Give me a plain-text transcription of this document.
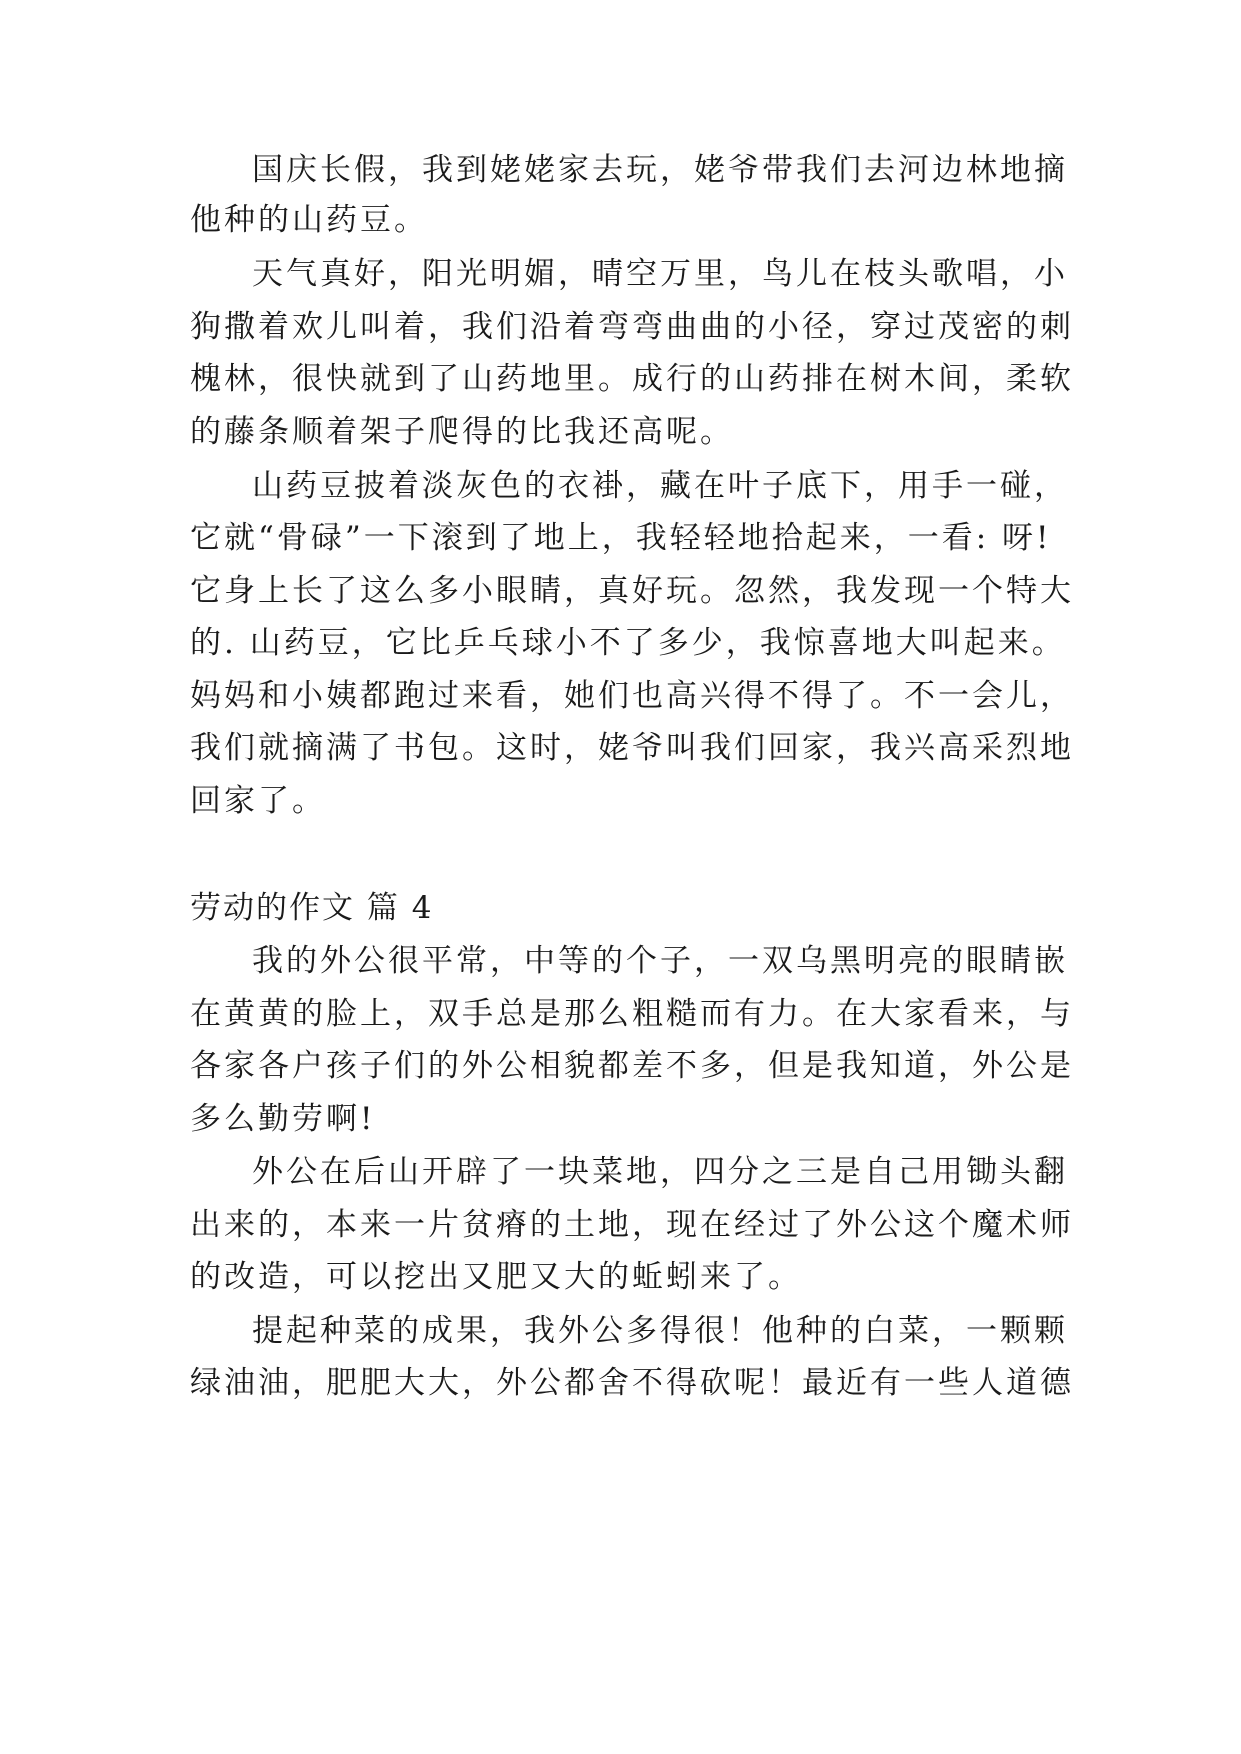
国庆长假，我到姥姥家去玩，姥爷带我们去河边林地摘
他种的山药豆。
天气真好，阳光明媚，晴空万里，鸟儿在枝头歌唱，小
狗撒着欢儿叫着，我们沿着弯弯曲曲的小径，穿过茂密的刺
槐林，很快就到了山药地里。成行的山药排在树木间，柔软
的藤条顺着架子爬得的比我还高呢。
山药豆披着淡灰色的衣褂，藏在叶子底下，用手一碰，
它就“骨碌”一下滚到了地上，我轻轻地拾起来，一看: 呀!
它身上长了这么多小眼睛，真好玩。忽然，我发现一个特大
的. 山药豆，它比乒乓球小不了多少，我惊喜地大叫起来。
妈妈和小姨都跑过来看，她们也高兴得不得了。不一会儿，
我们就摘满了书包。这时，姥爷叫我们回家，我兴高采烈地
回家了。
劳动的作文 篇 4
我的外公很平常，中等的个子，一双乌黑明亮的眼睛嵌
在黄黄的脸上，双手总是那么粗糙而有力。在大家看来，与
各家各户孩子们的外公相貌都差不多，但是我知道，外公是
多么勤劳啊!
外公在后山开辟了一块菜地，四分之三是自己用锄头翻
出来的，本来一片贫瘠的土地，现在经过了外公这个魔术师
的改造，可以挖出又肥又大的蚯蚓来了。
提起种菜的成果，我外公多得很！他种的白菜，一颗颗
绿油油，肥肥大大，外公都舍不得砍呢！最近有一些人道德
